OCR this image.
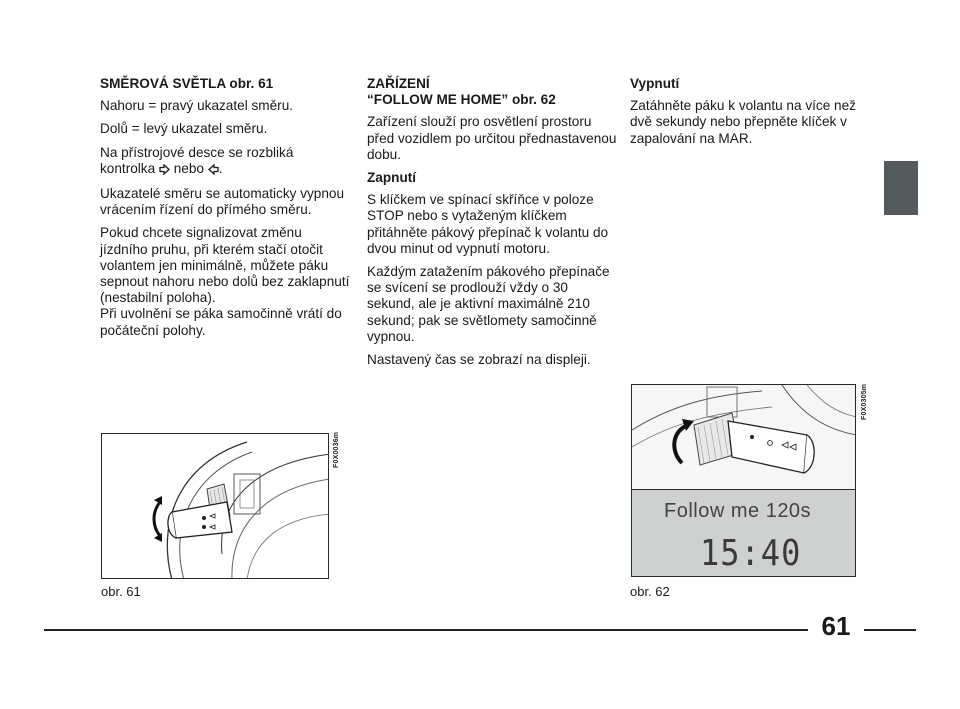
SMĚROVÁ SVĚTLA obr. 61

Nahoru = pravý ukazatel směru.

Dolů = levý ukazatel směru.

Na přístrojové desce se rozbliká kontrolka nebo .

Ukazatelé směru se automaticky vypnou vrácením řízení do přímého směru.

Pokud chcete signalizovat změnu jízdního pruhu, při kterém stačí otočit volantem jen minimálně, můžete páku sepnout nahoru nebo dolů bez zaklapnutí (nestabilní poloha).

Při uvolnění se páka samočinně vrátí do počáteční polohy.

ZAŘÍZENÍ

“FOLLOW ME HOME” obr. 62

Zařízení slouží pro osvětlení prostoru před vozidlem po určitou přednastavenou dobu.

Zapnutí

S klíčkem ve spínací skříňce v poloze STOP nebo s vytaženým klíčkem přitáhněte pákový přepínač k volantu do dvou minut od vypnutí motoru.

Každým zatažením pákového přepínače se svícení se prodlouží vždy o 30 sekund, ale je aktivní maximálně 210 sekund; pak se světlomety samočinně vypnou.

Nastavený čas se zobrazí na displeji.

Vypnutí

Zatáhněte páku k volantu na více než dvě sekundy nebo přepněte klíček v zapalování na MAR.

F0X0036m
obr. 61
Follow me 120s
15:40
F0X0305m
obr. 62
61
